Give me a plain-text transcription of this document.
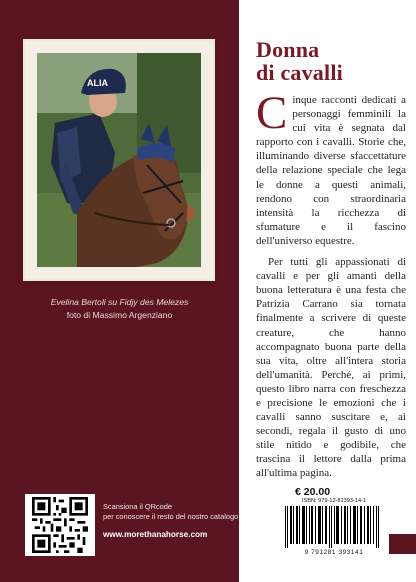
ALIA
Evelina Bertoli su Fidjy des Melezes
foto di Massimo Argenziano
Scansiona il QRcode
per conoscere il resto del nostro catalogo
www.morethanahorse.com
Donna
di cavalli

Cinque racconti dedicati a personaggi femminili la cui vita è segnata dal rapporto con i cavalli. Storie che, illuminando diverse sfaccettature della relazione speciale che lega le donne a questi animali, rendono con straordinaria intensità la ricchezza di sfumature e il fascino dell'universo equestre.

Per tutti gli appassionati di cavalli e per gli amanti della buona letteratura è una festa che Patrizia Carrano sia tornata finalmente a scrivere di queste creature, che hanno accompagnato buona parte della sua vita, oltre all'intera storia dell'umanità. Perché, ai primi, questo libro narra con freschezza e precisione le emozioni che i cavalli sanno suscitare e, ai secondi, regala il gusto di uno stile nitido e godibile, che trascina il lettore dalla prima all'ultima pagina.

€ 20.00
ISBN: 979-12-81393-14-1
9 791281 393141
